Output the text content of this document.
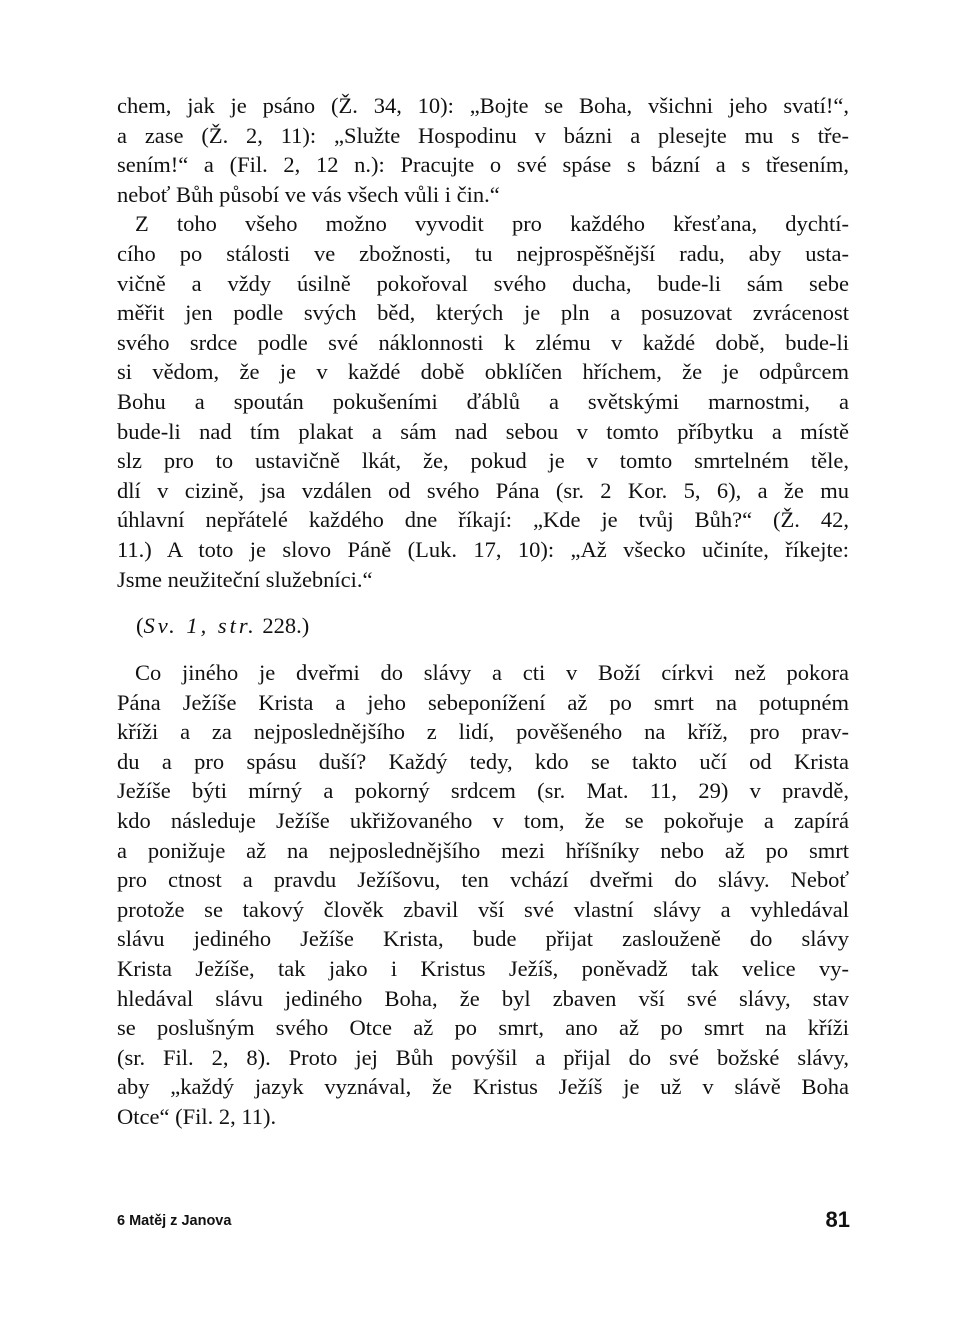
chem, jak je psáno (Ž. 34, 10): „Bojte se Boha, všichni jeho svatí!“,
a zase (Ž. 2, 11): „Služte Hospodinu v bázni a plesejte mu s tře-
sením!“ a (Fil. 2, 12 n.): Pracujte o své spáse s bázní a s třesením,
neboť Bůh působí ve vás všech vůli i čin.“
Z toho všeho možno vyvodit pro každého křesťana, dychtí-
cího po stálosti ve zbožnosti, tu nejprospěšnější radu, aby usta-
vičně a vždy úsilně pokořoval svého ducha, bude-li sám sebe
měřit jen podle svých běd, kterých je pln a posuzovat zvrácenost
svého srdce podle své náklonnosti k zlému v každé době, bude-li
si vědom, že je v každé době obklíčen hříchem, že je odpůrcem
Bohu a spoután pokušeními ďáblů a světskými marnostmi, a
bude-li nad tím plakat a sám nad sebou v tomto příbytku a místě
slz pro to ustavičně lkát, že, pokud je v tomto smrtelném těle,
dlí v cizině, jsa vzdálen od svého Pána (sr. 2 Kor. 5, 6), a že mu
úhlavní nepřátelé každého dne říkají: „Kde je tvůj Bůh?“ (Ž. 42,
11.) A toto je slovo Páně (Luk. 17, 10): „Až všecko učiníte, říkejte:
Jsme neužiteční služebníci.“
(Sv. 1, str. 228.)
Co jiného je dveřmi do slávy a cti v Boží církvi než pokora
Pána Ježíše Krista a jeho sebeponížení až po smrt na potupném
kříži a za nejposlednějšího z lidí, pověšeného na kříž, pro prav-
du a pro spásu duší? Každý tedy, kdo se takto učí od Krista
Ježíše býti mírný a pokorný srdcem (sr. Mat. 11, 29) v pravdě,
kdo následuje Ježíše ukřižovaného v tom, že se pokořuje a zapírá
a ponižuje až na nejposlednějšího mezi hříšníky nebo až po smrt
pro ctnost a pravdu Ježíšovu, ten vchází dveřmi do slávy. Neboť
protože se takový člověk zbavil vší své vlastní slávy a vyhledával
slávu jediného Ježíše Krista, bude přijat zaslouženě do slávy
Krista Ježíše, tak jako i Kristus Ježíš, poněvadž tak velice vy-
hledával slávu jediného Boha, že byl zbaven vší své slávy, stav
se poslušným svého Otce až po smrt, ano až po smrt na kříži
(sr. Fil. 2, 8). Proto jej Bůh povýšil a přijal do své božské slávy,
aby „každý jazyk vyznával, že Kristus Ježíš je už v slávě Boha
Otce“ (Fil. 2, 11).
6 Matěj z Janova	81
